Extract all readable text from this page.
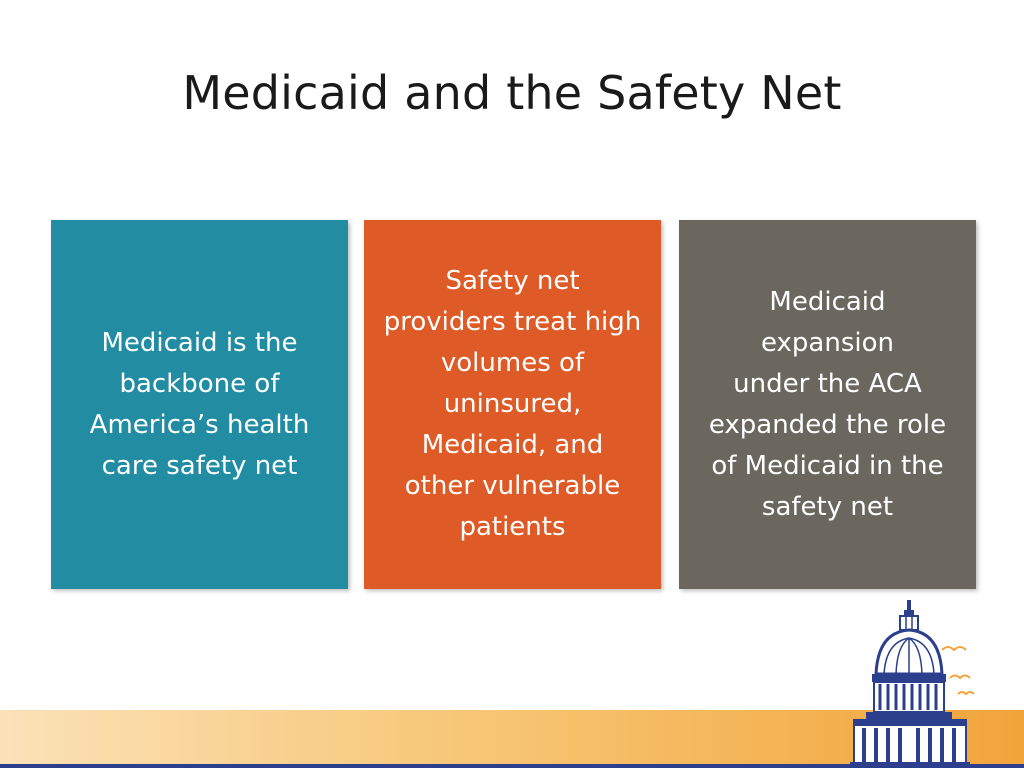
Medicaid and the Safety Net
Medicaid is the
backbone of
America’s health
care safety net
Safety net
providers treat high
volumes of
uninsured,
Medicaid, and
other vulnerable
patients
Medicaid
expansion
under the ACA
expanded the role
of Medicaid in the
safety net
